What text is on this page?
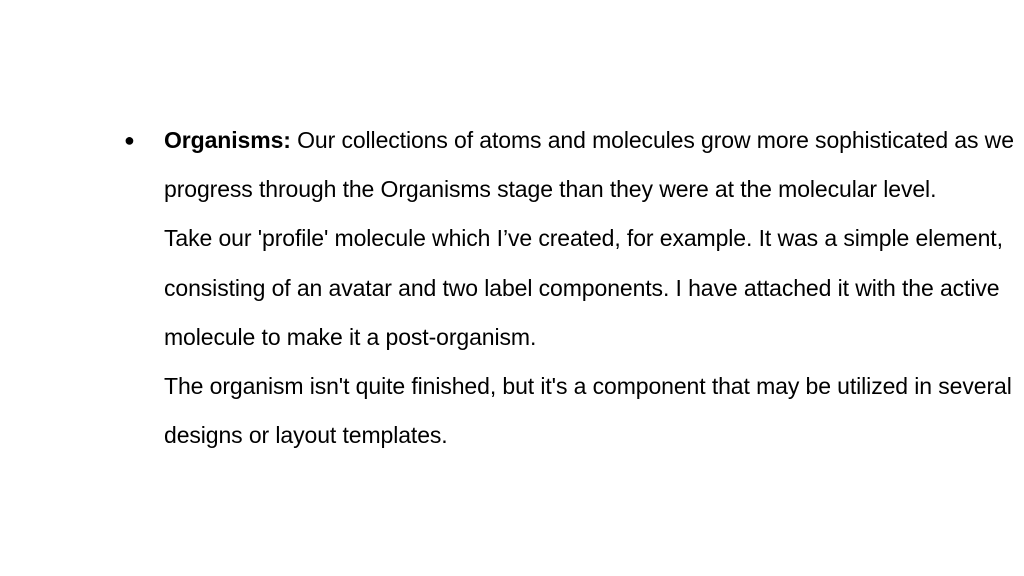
● Organisms: Our collections of atoms and molecules grow more sophisticated as we progress through the Organisms stage than they were at the molecular level.

Take our 'profile' molecule which I’ve created, for example. It was a simple element, consisting of an avatar and two label components. I have attached it with the active molecule to make it a post-organism.

The organism isn't quite finished, but it's a component that may be utilized in several designs or layout templates.
